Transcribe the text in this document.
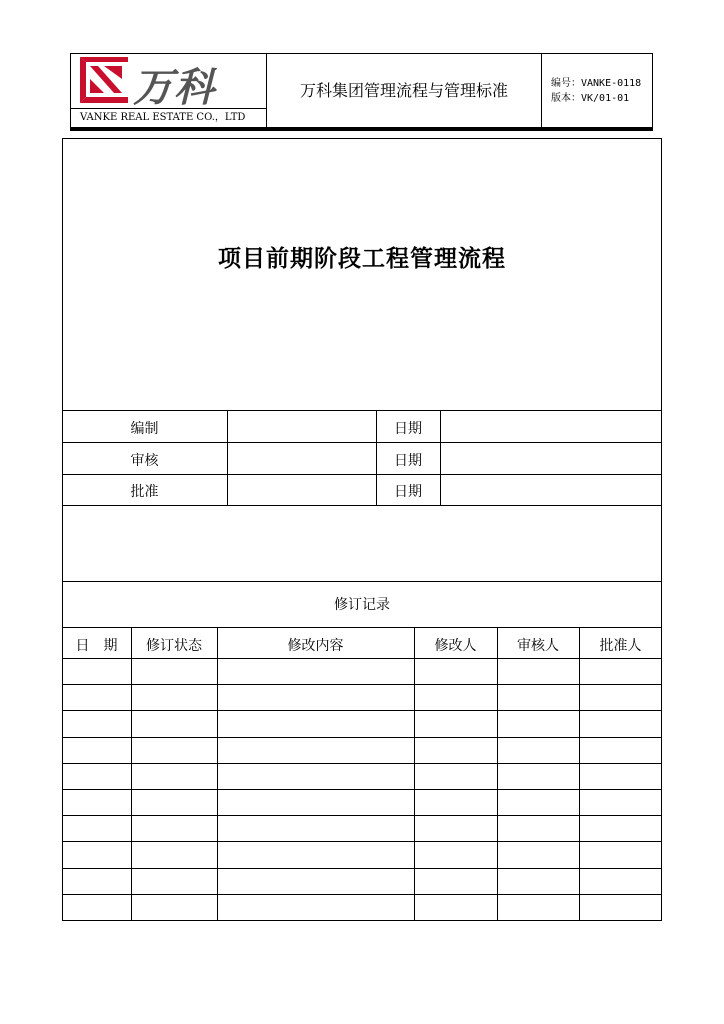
万科
VANKE REAL ESTATE CO.，LTD
万科集团管理流程与管理标准	编号：VANKE-0118
版本：VK/01-01
项目前期阶段工程管理流程
编制	日期
审核	日期
批准	日期
修订记录
日　期	修订状态	修改内容	修改人	审核人	批准人
